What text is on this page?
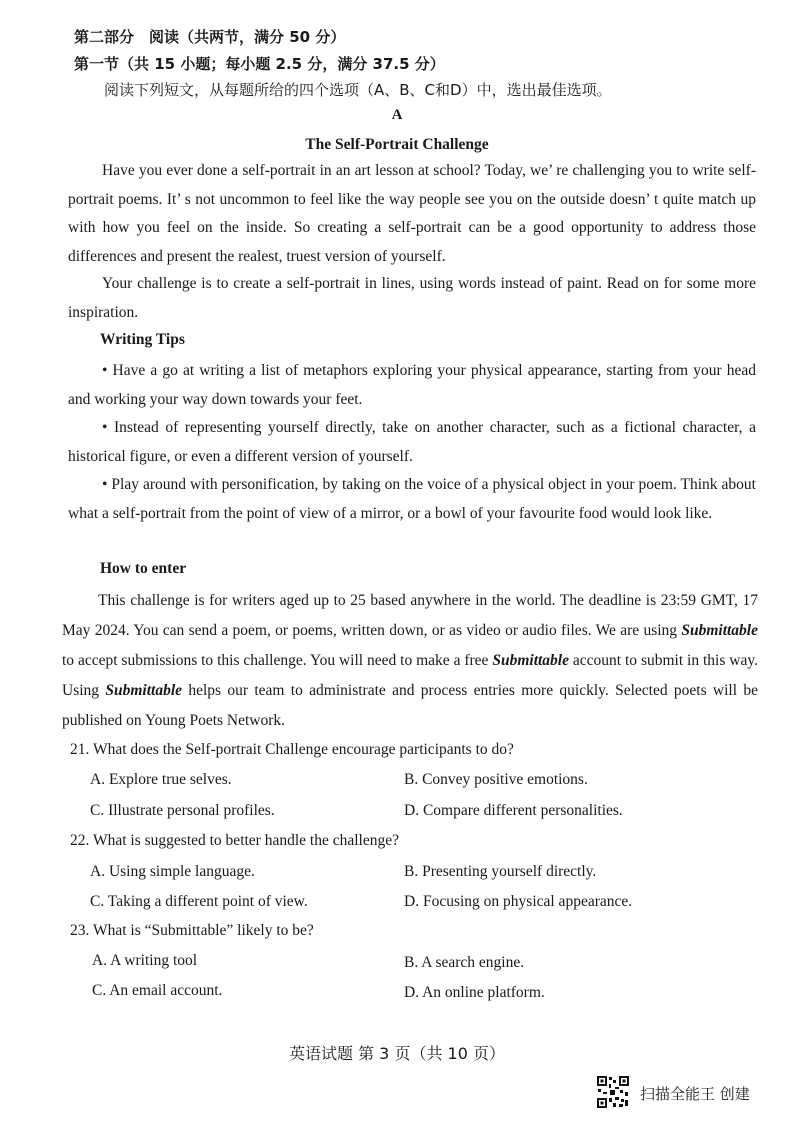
第二部分　阅读（共两节，满分 50 分）
第一节（共 15 小题；每小题 2.5 分，满分 37.5 分）
阅读下列短文，从每题所给的四个选项（A、B、C和D）中，选出最佳选项。
A
The Self-Portrait Challenge

Have you ever done a self-portrait in an art lesson at school? Today, we’ re challenging you to write self-portrait poems. It’ s not uncommon to feel like the way people see you on the outside doesn’ t quite match up with how you feel on the inside. So creating a self-portrait can be a good opportunity to address those differences and present the realest, truest version of yourself.

Your challenge is to create a self-portrait in lines, using words instead of paint. Read on for some more inspiration.

Writing Tips

• Have a go at writing a list of metaphors exploring your physical appearance, starting from your head and working your way down towards your feet.

• Instead of representing yourself directly, take on another character, such as a fictional character, a historical figure, or even a different version of yourself.

• Play around with personification, by taking on the voice of a physical object in your poem. Think about what a self-portrait from the point of view of a mirror, or a bowl of your favourite food would look like.

How to enter

This challenge is for writers aged up to 25 based anywhere in the world. The deadline is 23:59 GMT, 17 May 2024. You can send a poem, or poems, written down, or as video or audio files. We are using Submittable to accept submissions to this challenge. You will need to make a free Submittable account to submit in this way. Using Submittable helps our team to administrate and process entries more quickly. Selected poets will be published on Young Poets Network.

21. What does the Self-portrait Challenge encourage participants to do?
A. Explore true selves.	B. Convey positive emotions.
C. Illustrate personal profiles.	D. Compare different personalities.
22. What is suggested to better handle the challenge?
A. Using simple language.	B. Presenting yourself directly.
C. Taking a different point of view.	D. Focusing on physical appearance.
23. What is “Submittable” likely to be?
A. A writing tool	B. A search engine.
C. An email account.	D. An online platform.
英语试题 第 3 页（共 10 页）
扫描全能王 创建
